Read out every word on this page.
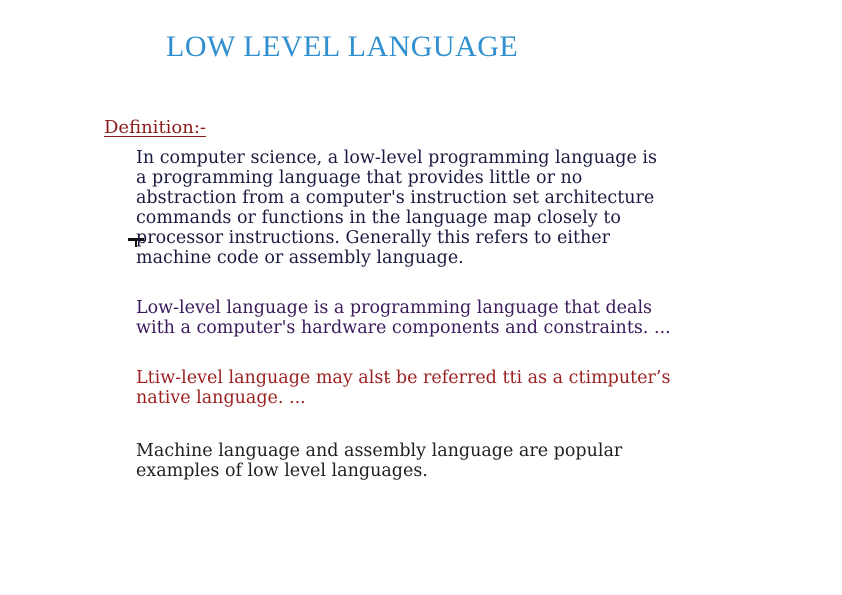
LOW LEVEL LANGUAGE
Definition:-
In computer science, a low-level programming language is
a programming language that provides little or no
abstraction from a computer's instruction set architecture
commands or functions in the language map closely to
processor instructions. Generally this refers to either
machine code or assembly language.
Low-level language is a programming language that deals
with a computer's hardware components and constraints. ...
Ltiw-level language may alst̵ be referred tti as a ctimputer’s
native language. ...
Machine language and assembly language are popular
examples of low level languages.
